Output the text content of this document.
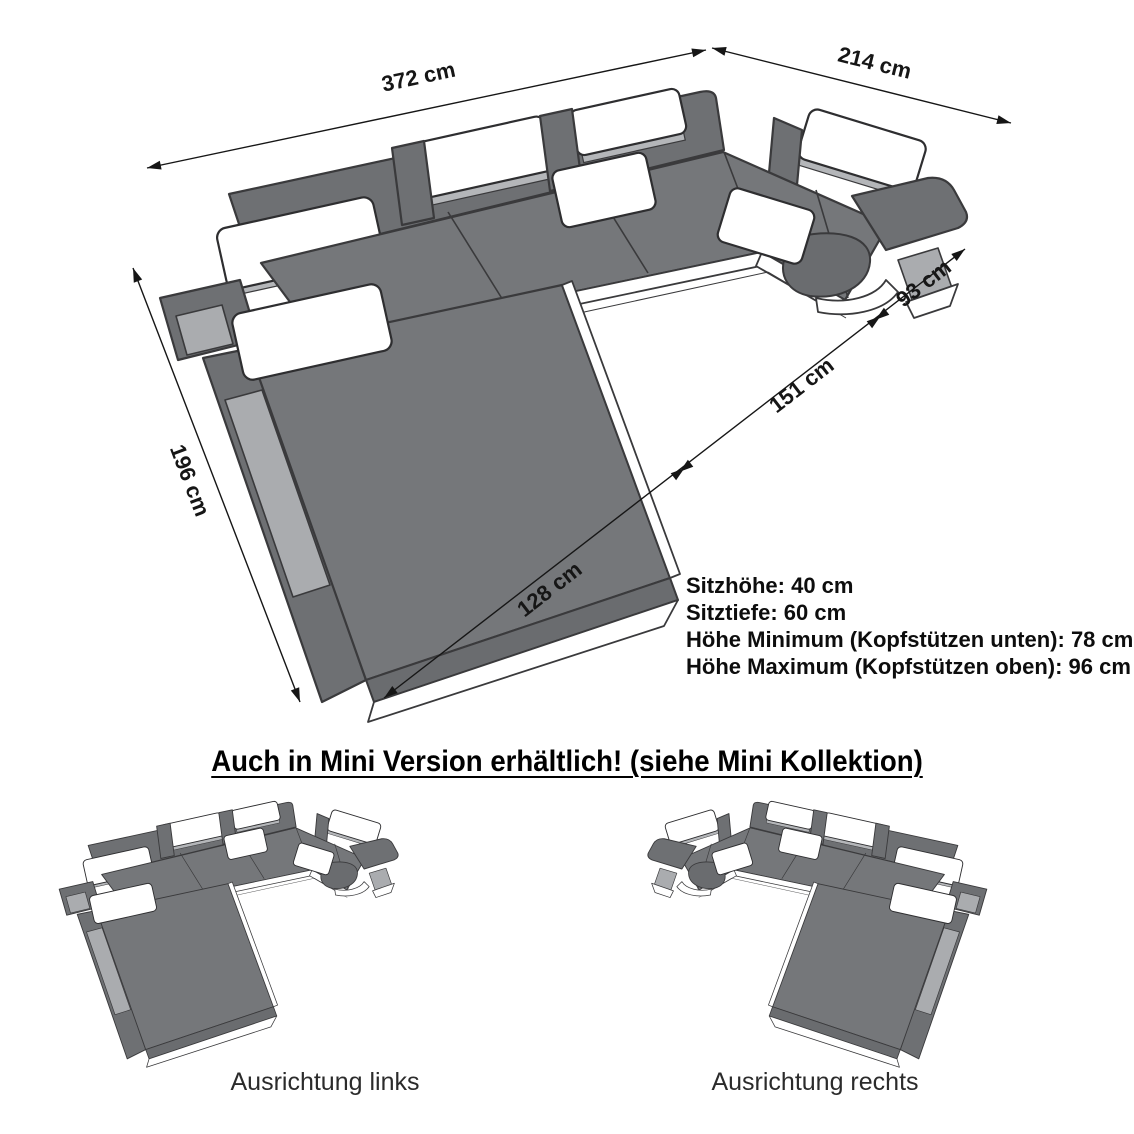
372 cm	214 cm
93 cm
151 cm
128 cm
196 cm
Sitzhöhe: 40 cm
Sitztiefe: 60 cm
Höhe Minimum (Kopfstützen unten): 78 cm
Höhe Maximum (Kopfstützen oben): 96 cm
Auch in Mini Version erhältlich! (siehe Mini Kollektion)
Ausrichtung links	Ausrichtung rechts
